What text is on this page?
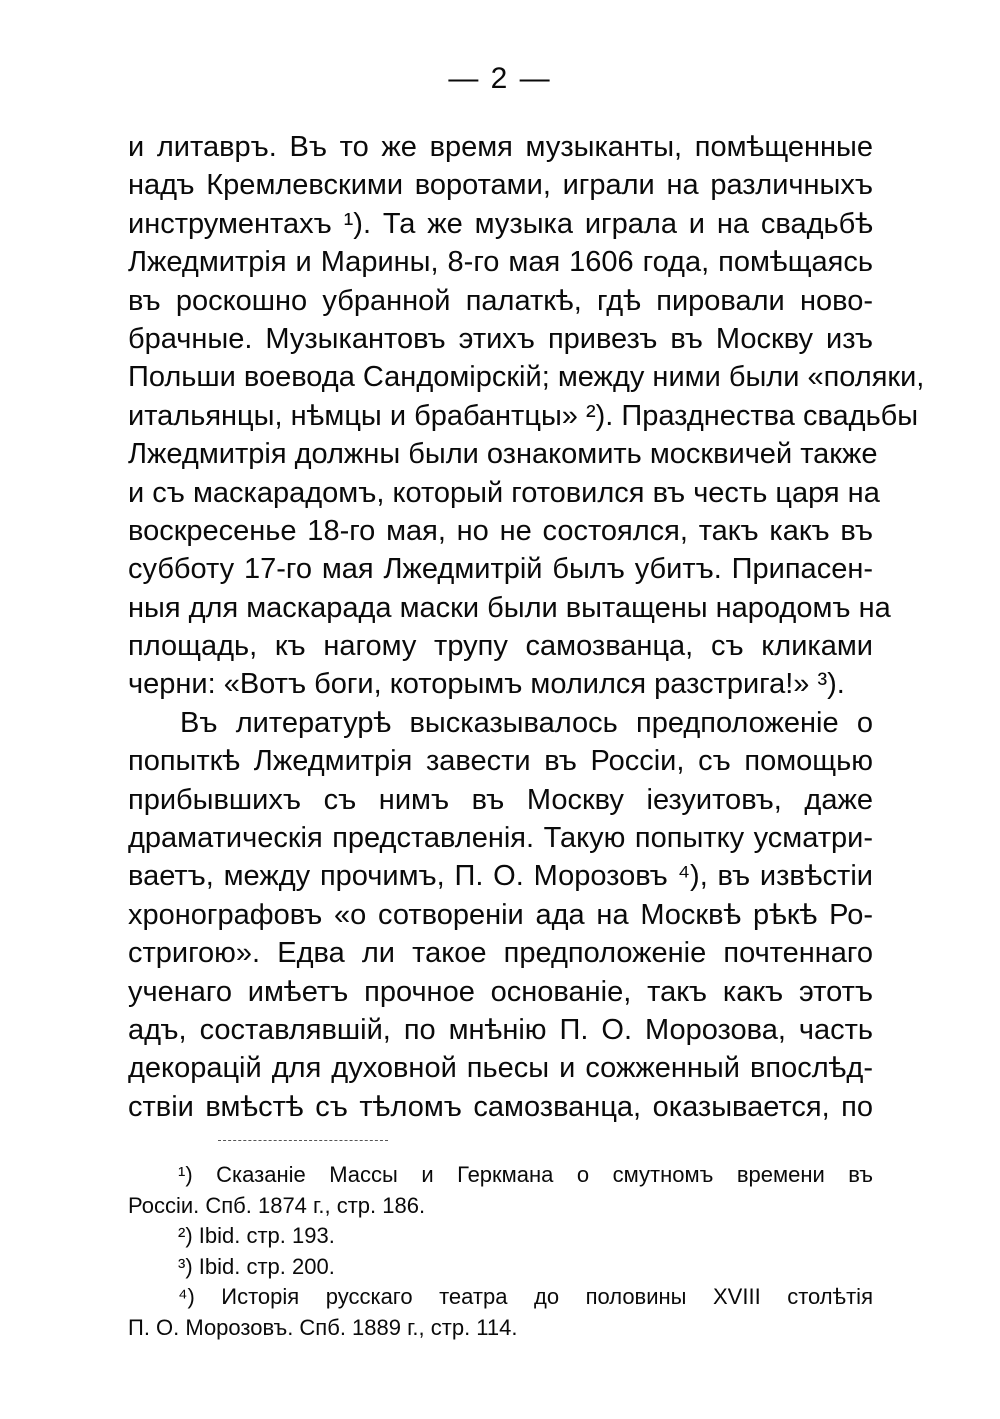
— 2 —
и литавръ. Въ то же время музыканты, помѣщенные
надъ Кремлевскими воротами, играли на различныхъ
инструментахъ ¹). Та же музыка играла и на свадьбѣ
Лжедмитрія и Марины, 8-го мая 1606 года, помѣщаясь
въ роскошно убранной палаткѣ, гдѣ пировали ново-
брачные. Музыкантовъ этихъ привезъ въ Москву изъ
Польши воевода Сандомірскій; между ними были «поляки,
итальянцы, нѣмцы и брабантцы» ²). Празднества свадьбы
Лжедмитрія должны были ознакомить москвичей также
и съ маскарадомъ, который готовился въ честь царя на
воскресенье 18-го мая, но не состоялся, такъ какъ въ
субботу 17-го мая Лжедмитрій былъ убитъ. Припасен-
ныя для маскарада маски были вытащены народомъ на
площадь, къ нагому трупу самозванца, съ кликами
черни: «Вотъ боги, которымъ молился разстрига!» ³).
Въ литературѣ высказывалось предположеніе о
попыткѣ Лжедмитрія завести въ Россіи, съ помощью
прибывшихъ съ нимъ въ Москву іезуитовъ, даже
драматическія представленія. Такую попытку усматри-
ваетъ, между прочимъ, П. О. Морозовъ ⁴), въ извѣстіи
хронографовъ «о сотвореніи ада на Москвѣ рѣкѣ Ро-
стригою». Едва ли такое предположеніе почтеннаго
ученаго имѣетъ прочное основаніе, такъ какъ этотъ
адъ, составлявшій, по мнѣнію П. О. Морозова, часть
декорацій для духовной пьесы и сожженный впослѣд-
ствіи вмѣстѣ съ тѣломъ самозванца, оказывается, по
¹) Сказаніе Массы и Геркмана о смутномъ времени въ
Россіи. Спб. 1874 г., стр. 186.
²) Ibid. стр. 193.
³) Ibid. стр. 200.
⁴) Исторія русскаго театра до половины XVIII столѣтія
П. О. Морозовъ. Спб. 1889 г., стр. 114.
